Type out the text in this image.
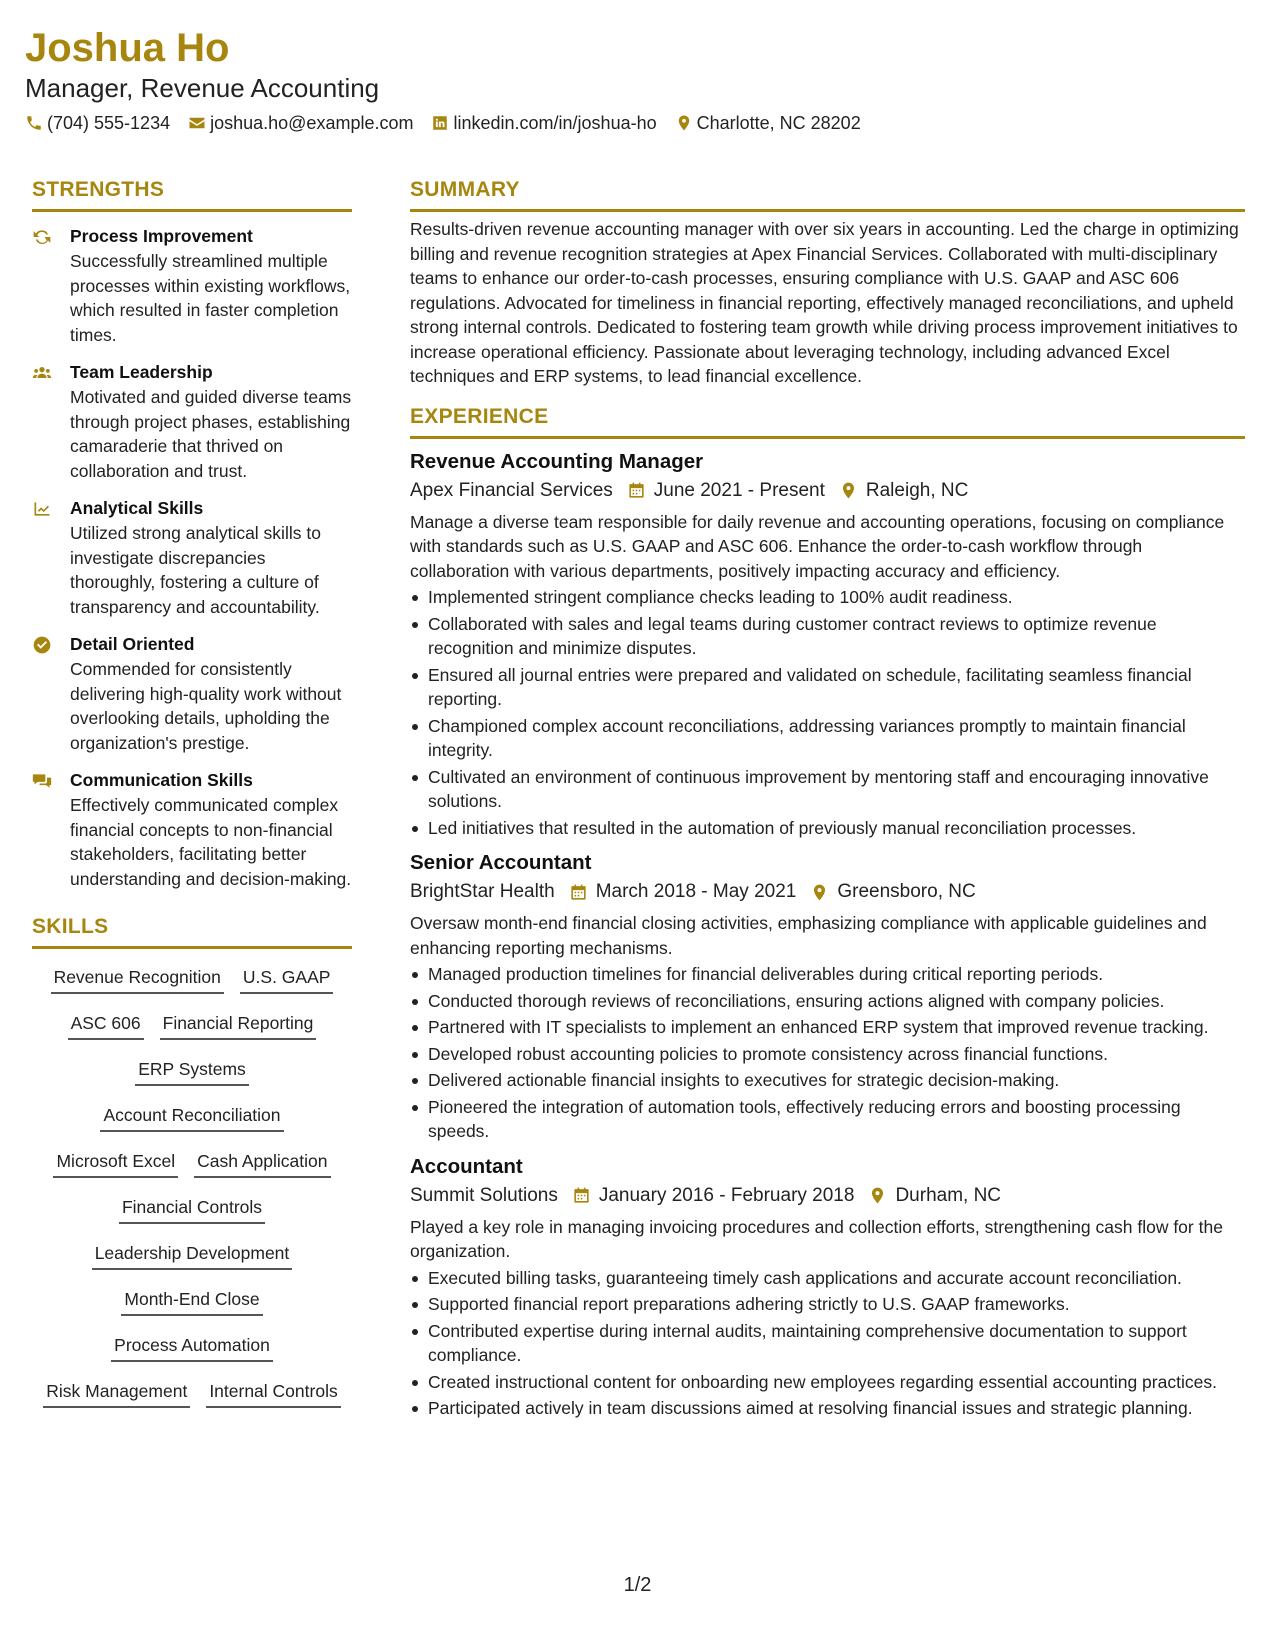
Joshua Ho
Manager, Revenue Accounting
(704) 555-1234 joshua.ho@example.com linkedin.com/in/joshua-ho Charlotte, NC 28202
STRENGTHS
Process Improvement
Successfully streamlined multiple processes within existing workflows, which resulted in faster completion times.
Team Leadership
Motivated and guided diverse teams through project phases, establishing camaraderie that thrived on collaboration and trust.
Analytical Skills
Utilized strong analytical skills to investigate discrepancies thoroughly, fostering a culture of transparency and accountability.
Detail Oriented
Commended for consistently delivering high-quality work without overlooking details, upholding the organization's prestige.
Communication Skills
Effectively communicated complex financial concepts to non-financial stakeholders, facilitating better understanding and decision-making.
SKILLS
Revenue Recognition U.S. GAAP
ASC 606 Financial Reporting
ERP Systems
Account Reconciliation
Microsoft Excel Cash Application
Financial Controls
Leadership Development
Month-End Close
Process Automation
Risk Management Internal Controls
SUMMARY
Results-driven revenue accounting manager with over six years in accounting. Led the charge in optimizing billing and revenue recognition strategies at Apex Financial Services. Collaborated with multi-disciplinary teams to enhance our order-to-cash processes, ensuring compliance with U.S. GAAP and ASC 606 regulations. Advocated for timeliness in financial reporting, effectively managed reconciliations, and upheld strong internal controls. Dedicated to fostering team growth while driving process improvement initiatives to increase operational efficiency. Passionate about leveraging technology, including advanced Excel techniques and ERP systems, to lead financial excellence.
EXPERIENCE
Revenue Accounting Manager
Apex Financial Services June 2021 - Present Raleigh, NC
Manage a diverse team responsible for daily revenue and accounting operations, focusing on compliance with standards such as U.S. GAAP and ASC 606. Enhance the order-to-cash workflow through collaboration with various departments, positively impacting accuracy and efficiency.
Implemented stringent compliance checks leading to 100% audit readiness.
Collaborated with sales and legal teams during customer contract reviews to optimize revenue recognition and minimize disputes.
Ensured all journal entries were prepared and validated on schedule, facilitating seamless financial reporting.
Championed complex account reconciliations, addressing variances promptly to maintain financial integrity.
Cultivated an environment of continuous improvement by mentoring staff and encouraging innovative solutions.
Led initiatives that resulted in the automation of previously manual reconciliation processes.
Senior Accountant
BrightStar Health March 2018 - May 2021 Greensboro, NC
Oversaw month-end financial closing activities, emphasizing compliance with applicable guidelines and enhancing reporting mechanisms.
Managed production timelines for financial deliverables during critical reporting periods.
Conducted thorough reviews of reconciliations, ensuring actions aligned with company policies.
Partnered with IT specialists to implement an enhanced ERP system that improved revenue tracking.
Developed robust accounting policies to promote consistency across financial functions.
Delivered actionable financial insights to executives for strategic decision-making.
Pioneered the integration of automation tools, effectively reducing errors and boosting processing speeds.
Accountant
Summit Solutions January 2016 - February 2018 Durham, NC
Played a key role in managing invoicing procedures and collection efforts, strengthening cash flow for the organization.
Executed billing tasks, guaranteeing timely cash applications and accurate account reconciliation.
Supported financial report preparations adhering strictly to U.S. GAAP frameworks.
Contributed expertise during internal audits, maintaining comprehensive documentation to support compliance.
Created instructional content for onboarding new employees regarding essential accounting practices.
Participated actively in team discussions aimed at resolving financial issues and strategic planning.
1/2
